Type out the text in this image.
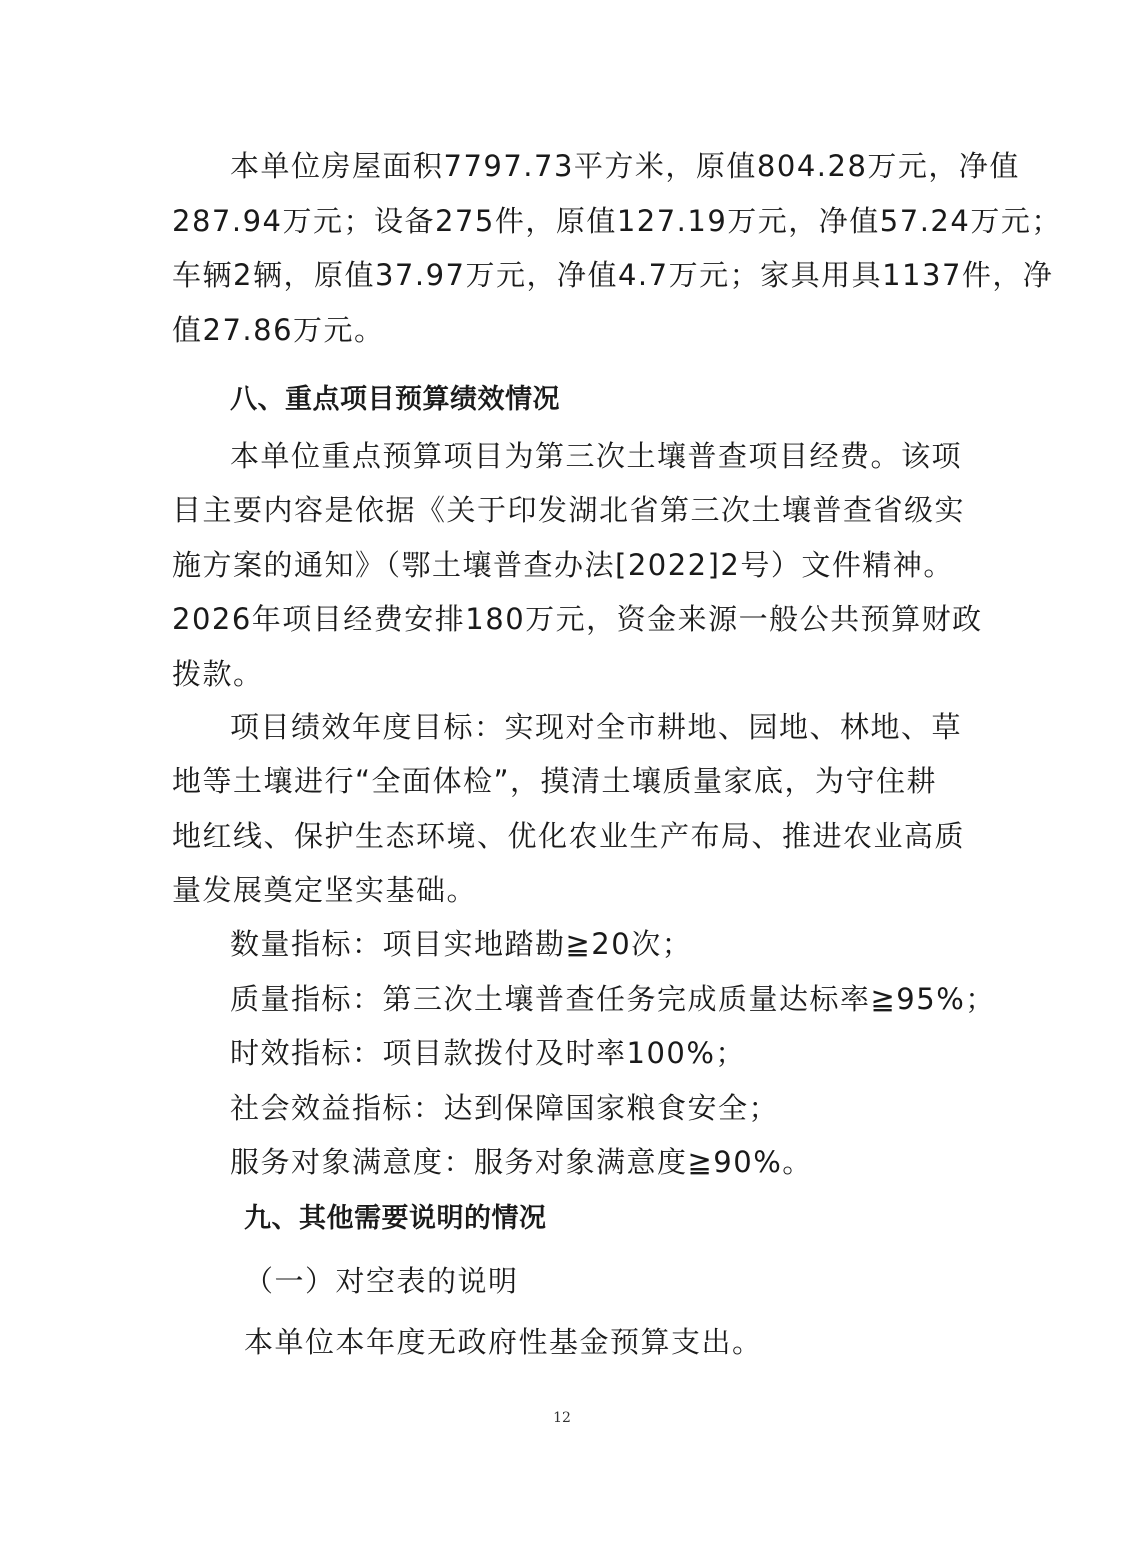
本单位房屋面积7797.73平方米，原值804.28万元，净值
287.94万元；设备275件，原值127.19万元，净值57.24万元；
车辆2辆，原值37.97万元，净值4.7万元；家具用具1137件，净
值27.86万元。
八、重点项目预算绩效情况
本单位重点预算项目为第三次土壤普查项目经费。该项
目主要内容是依据《关于印发湖北省第三次土壤普查省级实
施方案的通知》（鄂土壤普查办法[2022]2号）文件精神。
2026年项目经费安排180万元，资金来源一般公共预算财政
拨款。
项目绩效年度目标：实现对全市耕地、园地、林地、草
地等土壤进行“全面体检”，摸清土壤质量家底，为守住耕
地红线、保护生态环境、优化农业生产布局、推进农业高质
量发展奠定坚实基础。
数量指标：项目实地踏勘≧20次；
质量指标：第三次土壤普查任务完成质量达标率≧95%；
时效指标：项目款拨付及时率100%；
社会效益指标：达到保障国家粮食安全；
服务对象满意度：服务对象满意度≧90%。
九、其他需要说明的情况
（一）对空表的说明
本单位本年度无政府性基金预算支出。
12
